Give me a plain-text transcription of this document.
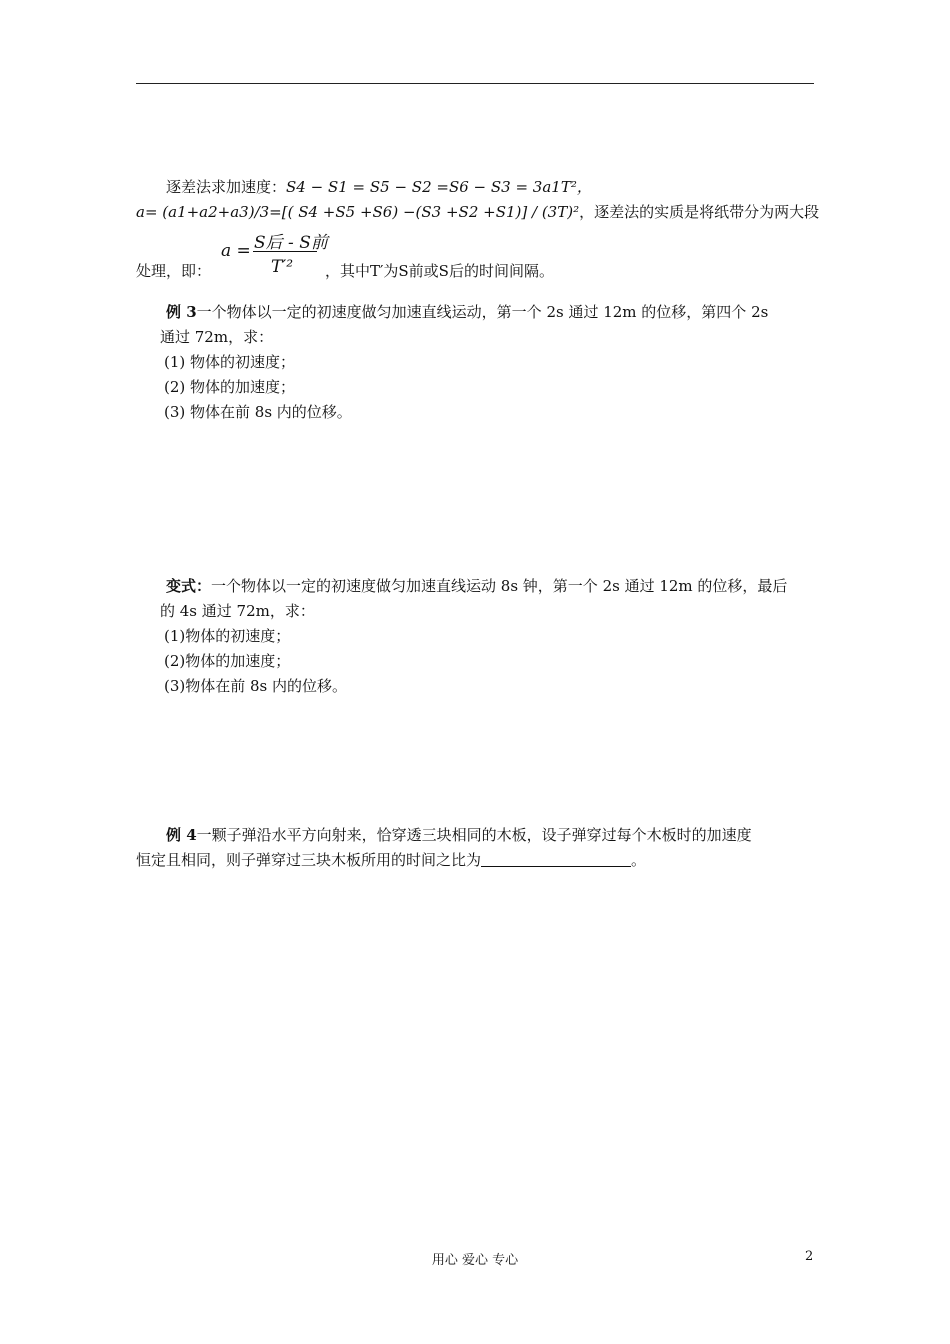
逐差法求加速度：S4 − S1 = S5 − S2 =S6 − S3 = 3a1T²，
a= (a1+a2+a3)/3=[( S4 +S5 +S6) −(S3 +S2 +S1)] / (3T)²，逐差法的实质是将纸带分为两大段
a = S后 - S前
T′²
处理，即：	，其中T′为S前或S后的时间间隔。
例 3一个物体以一定的初速度做匀加速直线运动，第一个 2s 通过 12m 的位移，第四个 2s
通过 72m，求：
(1) 物体的初速度；
(2) 物体的加速度；
(3) 物体在前 8s 内的位移。
变式：一个物体以一定的初速度做匀加速直线运动 8s 钟，第一个 2s 通过 12m 的位移，最后
的 4s 通过 72m，求：
(1)物体的初速度；
(2)物体的加速度；
(3)物体在前 8s 内的位移。
例 4一颗子弹沿水平方向射来，恰穿透三块相同的木板，设子弹穿过每个木板时的加速度
恒定且相同，则子弹穿过三块木板所用的时间之比为	。
用心 爱心 专心	2
